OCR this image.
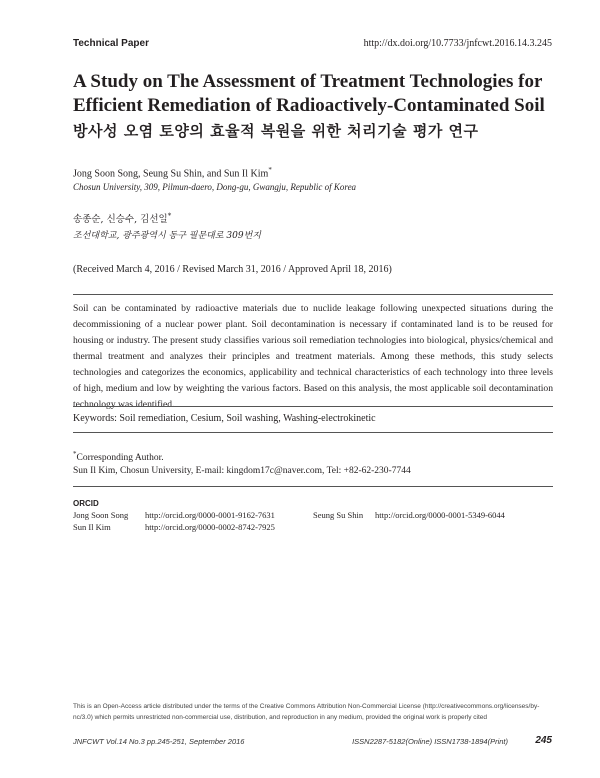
Technical Paper	http://dx.doi.org/10.7733/jnfcwt.2016.14.3.245
A Study on The Assessment of Treatment Technologies for
Efficient Remediation of Radioactively-Contaminated Soil
방사성 오염 토양의 효율적 복원을 위한 처리기술 평가 연구
Jong Soon Song, Seung Su Shin, and Sun Il Kim*
Chosun University, 309, Pilmun-daero, Dong-gu, Gwangju, Republic of Korea
송종순, 신승수, 김선일*
조선대학교, 광주광역시 동구 필문대로 309번지
(Received March 4, 2016 / Revised March 31, 2016 / Approved April 18, 2016)
Soil can be contaminated by radioactive materials due to nuclide leakage following unexpected situations during the decommissioning of a nuclear power plant. Soil decontamination is necessary if contaminated land is to be reused for housing or industry. The present study classifies various soil remediation technologies into biological, physics/chemical and thermal treatment and analyzes their principles and treatment materials. Among these methods, this study selects technologies and categorizes the economics, applicability and technical characteristics of each technology into three levels of high, medium and low by weighting the various factors. Based on this analysis, the most applicable soil decontamination technology was identified.
Keywords: Soil remediation, Cesium, Soil washing, Washing-electrokinetic
*Corresponding Author.
Sun Il Kim, Chosun University, E-mail: kingdom17c@naver.com, Tel: +82-62-230-7744
ORCID
Jong Soon Song http://orcid.org/0000-0001-9162-7631	Seung Su Shin http://orcid.org/0000-0001-5349-6044
Sun Il Kim	http://orcid.org/0000-0002-8742-7925
This is an Open-Access article distributed under the terms of the Creative Commons Attribution Non-Commercial License (http://creativecommons.org/licenses/by-nc/3.0) which permits unrestricted non-commercial use, distribution, and reproduction in any medium, provided the original work is properly cited
JNFCWT Vol.14 No.3 pp.245-251, September 2016	ISSN2287-5182(Online) ISSN1738-1894(Print)	245
